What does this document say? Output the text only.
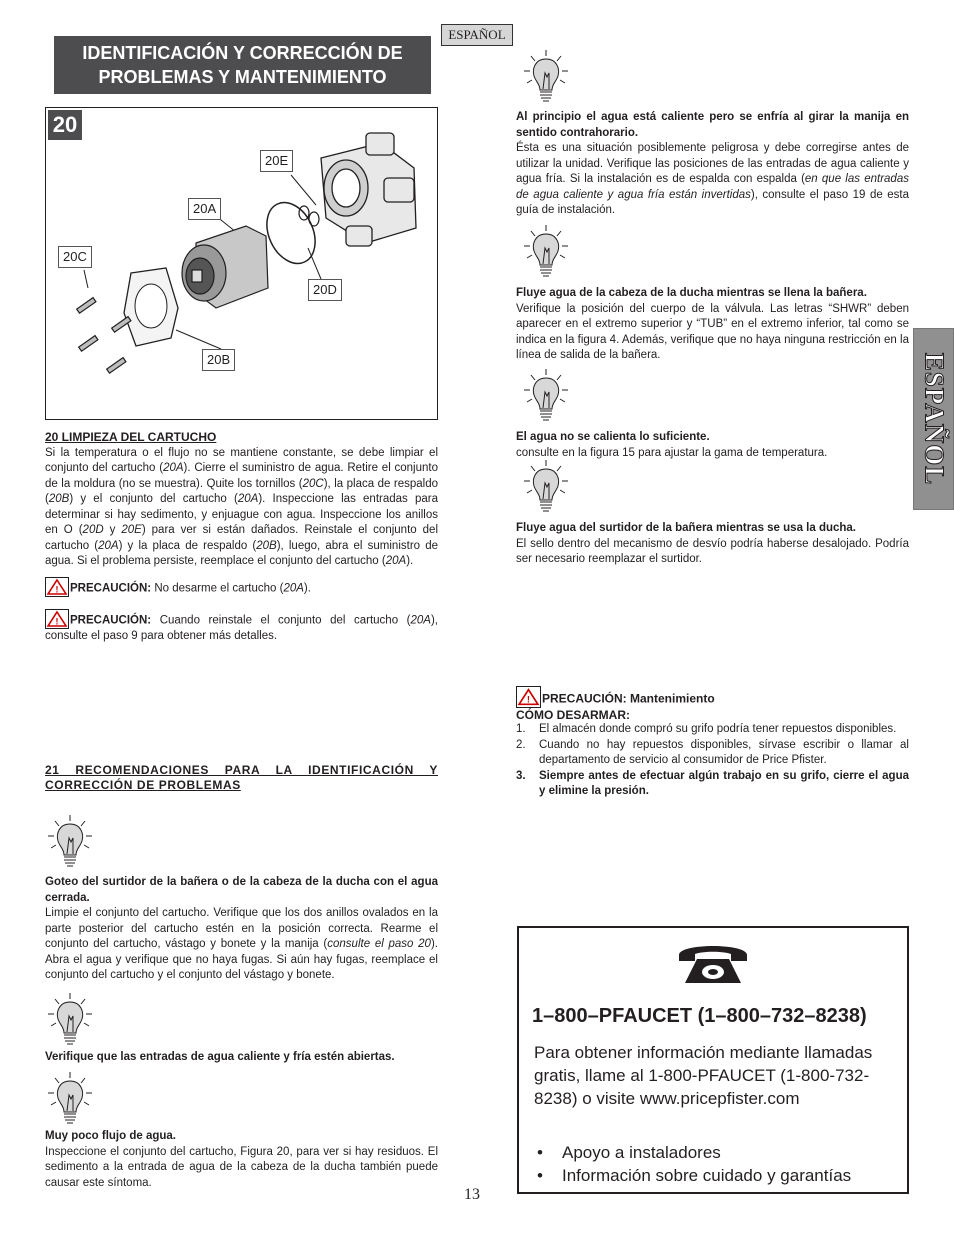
ESPAÑOL
IDENTIFICACIÓN Y CORRECCIÓN DE
PROBLEMAS Y MANTENIMIENTO
20
20E
20A
20C
20D
20B

20 LIMPIEZA DEL CARTUCHO

Si la temperatura o el flujo no se mantiene constante, se debe limpiar el conjunto del cartucho (20A). Cierre el suministro de agua. Retire el conjunto de la moldura (no se muestra). Quite los tornillos (20C), la placa de respaldo (20B) y el conjunto del cartucho (20A). Inspeccione las entradas para determinar si hay sedimento, y enjuague con agua. Inspeccione los anillos en O (20D y 20E) para ver si están dañados. Reinstale el conjunto del cartucho (20A) y la placa de respaldo (20B), luego, abra el suministro de agua. Si el problema persiste, reemplace el conjunto del cartucho (20A).

! PRECAUCIÓN: No desarme el cartucho (20A).
! PRECAUCIÓN: Cuando reinstale el conjunto del cartucho (20A), consulte el paso 9 para obtener más detalles.

21 RECOMENDACIONES PARA LA IDENTIFICACIÓN Y CORRECCIÓN DE PROBLEMAS

Goteo del surtidor de la bañera o de la cabeza de la ducha con el agua cerrada.

Limpie el conjunto del cartucho. Verifique que los dos anillos ovalados en la parte posterior del cartucho estén en la posición correcta. Rearme el conjunto del cartucho, vástago y bonete y la manija (consulte el paso 20). Abra el agua y verifique que no haya fugas. Si aún hay fugas, reemplace el conjunto del cartucho y el conjunto del vástago y bonete.

Verifique que las entradas de agua caliente y fría estén abiertas.

Muy poco flujo de agua.

Inspeccione el conjunto del cartucho, Figura 20, para ver si hay residuos. El sedimento a la entrada de agua de la cabeza de la ducha también puede causar este síntoma.

Al principio el agua está caliente pero se enfría al girar la manija en sentido contrahorario.

Ésta es una situación posiblemente peligrosa y debe corregirse antes de utilizar la unidad. Verifique las posiciones de las entradas de agua caliente y agua fría. Si la instalación es de espalda con espalda (en que las entradas de agua caliente y agua fría están invertidas), consulte el paso 19 de esta guía de instalación.

Fluye agua de la cabeza de la ducha mientras se llena la bañera.

Verifique la posición del cuerpo de la válvula. Las letras “SHWR” deben aparecer en el extremo superior y “TUB” en el extremo inferior, tal como se indica en la figura 4. Además, verifique que no haya ninguna restricción en la línea de salida de la bañera.

El agua no se calienta lo suficiente.

consulte en la figura 15 para ajustar la gama de temperatura.

Fluye agua del surtidor de la bañera mientras se usa la ducha.

El sello dentro del mecanismo de desvío podría haberse desalojado. Podría ser necesario reemplazar el surtidor.

! PRECAUCIÓN: Mantenimiento

CÓMO DESARMAR:

1. El almacén donde compró su grifo podría tener repuestos disponibles.
2. Cuando no hay repuestos disponibles, sírvase escribir o llamar al departamento de servicio al consumidor de Price Pfister.
3. Siempre antes de efectuar algún trabajo en su grifo, cierre el agua y elimine la presión.
ESPAÑOL
1–800–PFAUCET (1–800–732–8238)
Para obtener información mediante llamadas gratis, llame al 1-800-PFAUCET (1-800-732-8238) o visite www.pricepfister.com
• Apoyo a instaladores
• Información sobre cuidado y garantías
13
